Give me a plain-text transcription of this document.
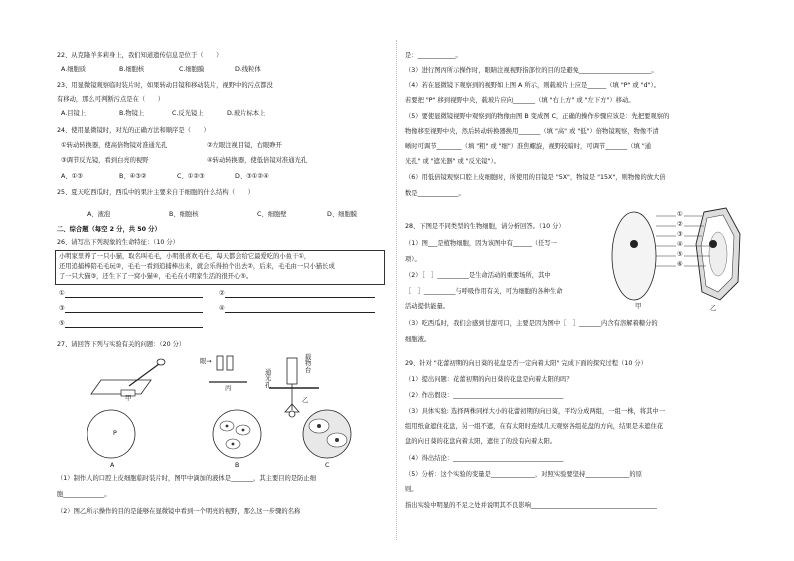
22、从克隆羊多莉身上，我们知道遗传信息是位于（　　）
A.细胞质	B.细胞核	C.细胞膜	D.线粒体
23、用显微镜观察临时装片时，如果转动目镜和移动装片，视野中的污点都没
有移动，那么可判断污点是在（　　）
A.目镜上	B.物镜上	C.反光镜上	D.玻片标本上
24、使用显微镜时，对光的正确方法和顺序是（　　）
①转动转换器，使高倍物镜对准通光孔	②左眼注视目镜，右眼睁开
③调节反光镜，看到白亮的视野	④转动转换器，使低倍镜对准通光孔
A、①③	B、④③②	C、①②③	D、③①②④
25、夏天吃西瓜时，西瓜中的果汁主要来自于细胞的什么结构（　　）
A、液泡	B、细胞核	C、细胞壁	D、细胞膜
二、综合题（每空 2 分，共 50 分）
26、请写出下列现象的生命特征：（10 分）
小明家里养了一只小猫，取名叫毛毛，小明很喜欢毛毛，每天都会给它最爱吃的小鱼干①，
还用追捕棒陪毛毛玩②，毛毛一看到追捕棒出来，就会乐得拍个出去②，后来，毛毛由一只小猫长成
了一只大猫③，还生下了一窝小猫④，毛毛在小明家生活的很开心⑤。
①	②
③	④
⑤
27、请回答下列与实验有关的问题：（20 分）
甲
眼→
丙
通光孔
载物台
乙
P
A	B	C
（1）制作人的口腔上皮细胞临时装片时，图甲中滴加的液体是_______，其主要目的是防止细
胞_____________。
（2）图乙所示操作的目的是能够在显微镜中看到一个明亮的视野，那么这一步骤的名称
是：____________。
（3）进行图丙所示操作时，眼睛注视视野指部位的目的是避免_______________________。
（4）若在显微镜下观察到的视野如上图 A 所示，则载玻片上应是______（填 "P" 或 "d"）。
若要把 "P" 移到视野中央，载玻片应向_______（填 "右上方" 或 "左下方"）移动。
（5）要使显微镜视野中观察到的物像由图 B 变成图 C，正确的操作步骤应该是：先把要观察的
物像移至视野中央，然后转动转换器换用_______（填 "高" 或 "低"）倍物镜观察，物像不清
晰时可调节________（填 "粗" 或 "细"）准焦螺旋，视野较暗时，可调节_______（填 "通
光孔" 或 "遮光器" 或 "反光镜"）。
（6）用低倍镜观察口腔上皮细胞时，所使用的目镜是 "5X"，物镜是 "15X"，则物像的放大倍
数是_____________。
28、下图是不同类型的生物细胞，请分析回答。（10 分）
（1）图___是植物细胞，因为该图中有______（任写一
项）。
（2）［　］__________是生命活动的重要场所，其中
［　］__________与呼吸作用有关，可为细胞的各种生命
活动提供能量。
（3）吃西瓜时，我们会感到甘甜可口，主要是因为图中［　］_______内含有溶解着糖分的
细胞液。
①
②
③
④
⑤
⑥
甲	乙
29、针对 "花蕾初期的向日葵的花盘是否一定向着太阳" 完成下面的探究过程（10 分）
（1）提出问题：花蕾初期的向日葵的花盘是向着太阳的吗？
（2）作出假设：___________________________________
（3）具体实验: 选择两株同样大小的花蕾初期的向日葵，平均分成两组，一组一株，将其中一
组用纸盒遮住花盘，另一组不遮，在有太阳时连续几天观察各组花盘的方向，结果是未遮住花
盘的向日葵的花盘向着太阳，遮住了的没有向着太阳。
（4）得出结论：___________________________________
（5）分析：这个实验的变量是______________，对照实验要坚持______________的原
则。
指出实验中明显的不足之处并说明其不良影响________________________________________
